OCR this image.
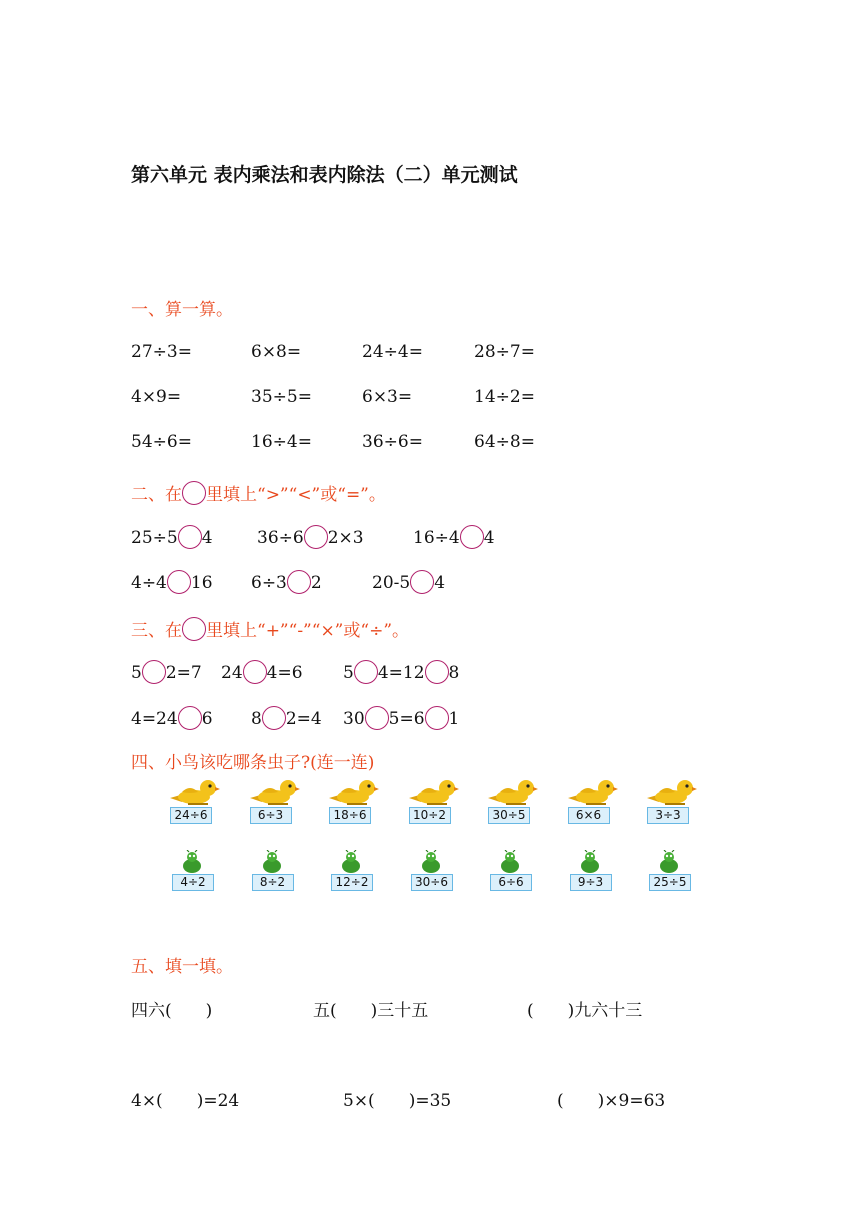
第六单元 表内乘法和表内除法（二）单元测试
一、算一算。
27÷3=	6×8=	24÷4=	28÷7=
4×9=	35÷5=	6×3=	14÷2=
54÷6=	16÷4=	36÷6=	64÷8=
二、在 里填上“>”“<”或“=”。
25÷5 4	36÷6 2×3	16÷4 4
4÷4 16 6÷3 2	20-5 4
三、在 里填上“+”“-”“×”或“÷”。
5 2=7 24 4=6 5 4=12 8
4=24 6 8 2=4 30 5=6 1
四、小鸟该吃哪条虫子?(连一连)
24÷6	6÷3	18÷6	10÷2	30÷5	6×6	3÷3
4÷2	8÷2	12÷2	30÷6	6÷6	9÷3	25÷5
五、填一填。
四六(　　)	五(　　)三十五	(　　)九六十三
4×(　　)=24	5×(　　)=35	(　　)×9=63
